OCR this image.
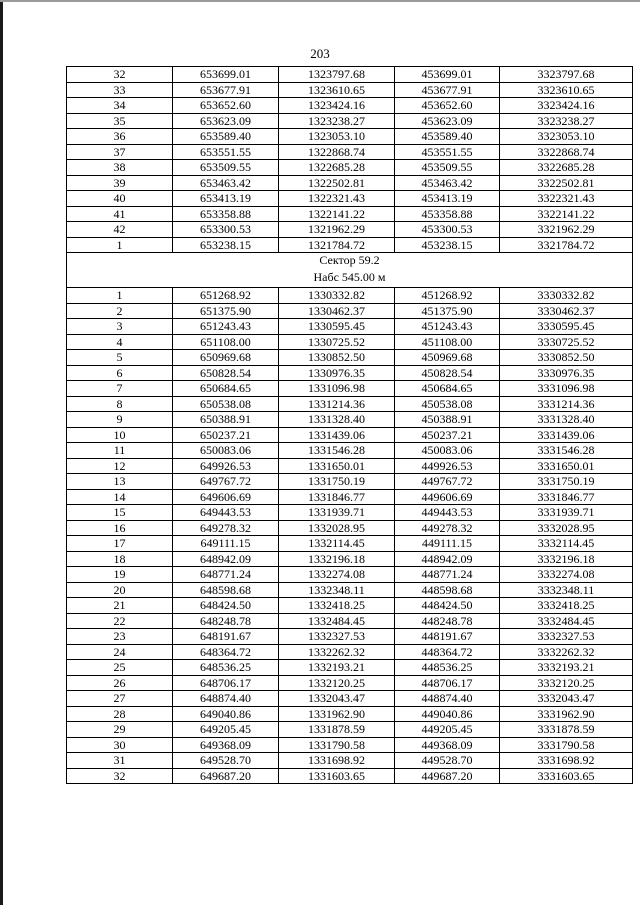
203
32	653699.01	1323797.68	453699.01	3323797.68
33	653677.91	1323610.65	453677.91	3323610.65
34	653652.60	1323424.16	453652.60	3323424.16
35	653623.09	1323238.27	453623.09	3323238.27
36	653589.40	1323053.10	453589.40	3323053.10
37	653551.55	1322868.74	453551.55	3322868.74
38	653509.55	1322685.28	453509.55	3322685.28
39	653463.42	1322502.81	453463.42	3322502.81
40	653413.19	1322321.43	453413.19	3322321.43
41	653358.88	1322141.22	453358.88	3322141.22
42	653300.53	1321962.29	453300.53	3321962.29
1	653238.15	1321784.72	453238.15	3321784.72

Сектор 59.2
Набс 545.00 м				

1	651268.92	1330332.82	451268.92	3330332.82
2	651375.90	1330462.37	451375.90	3330462.37
3	651243.43	1330595.45	451243.43	3330595.45
4	651108.00	1330725.52	451108.00	3330725.52
5	650969.68	1330852.50	450969.68	3330852.50
6	650828.54	1330976.35	450828.54	3330976.35
7	650684.65	1331096.98	450684.65	3331096.98
8	650538.08	1331214.36	450538.08	3331214.36
9	650388.91	1331328.40	450388.91	3331328.40
10	650237.21	1331439.06	450237.21	3331439.06
11	650083.06	1331546.28	450083.06	3331546.28
12	649926.53	1331650.01	449926.53	3331650.01
13	649767.72	1331750.19	449767.72	3331750.19
14	649606.69	1331846.77	449606.69	3331846.77
15	649443.53	1331939.71	449443.53	3331939.71
16	649278.32	1332028.95	449278.32	3332028.95
17	649111.15	1332114.45	449111.15	3332114.45
18	648942.09	1332196.18	448942.09	3332196.18
19	648771.24	1332274.08	448771.24	3332274.08
20	648598.68	1332348.11	448598.68	3332348.11
21	648424.50	1332418.25	448424.50	3332418.25
22	648248.78	1332484.45	448248.78	3332484.45
23	648191.67	1332327.53	448191.67	3332327.53
24	648364.72	1332262.32	448364.72	3332262.32
25	648536.25	1332193.21	448536.25	3332193.21
26	648706.17	1332120.25	448706.17	3332120.25
27	648874.40	1332043.47	448874.40	3332043.47
28	649040.86	1331962.90	449040.86	3331962.90
29	649205.45	1331878.59	449205.45	3331878.59
30	649368.09	1331790.58	449368.09	3331790.58
31	649528.70	1331698.92	449528.70	3331698.92
32	649687.20	1331603.65	449687.20	3331603.65
